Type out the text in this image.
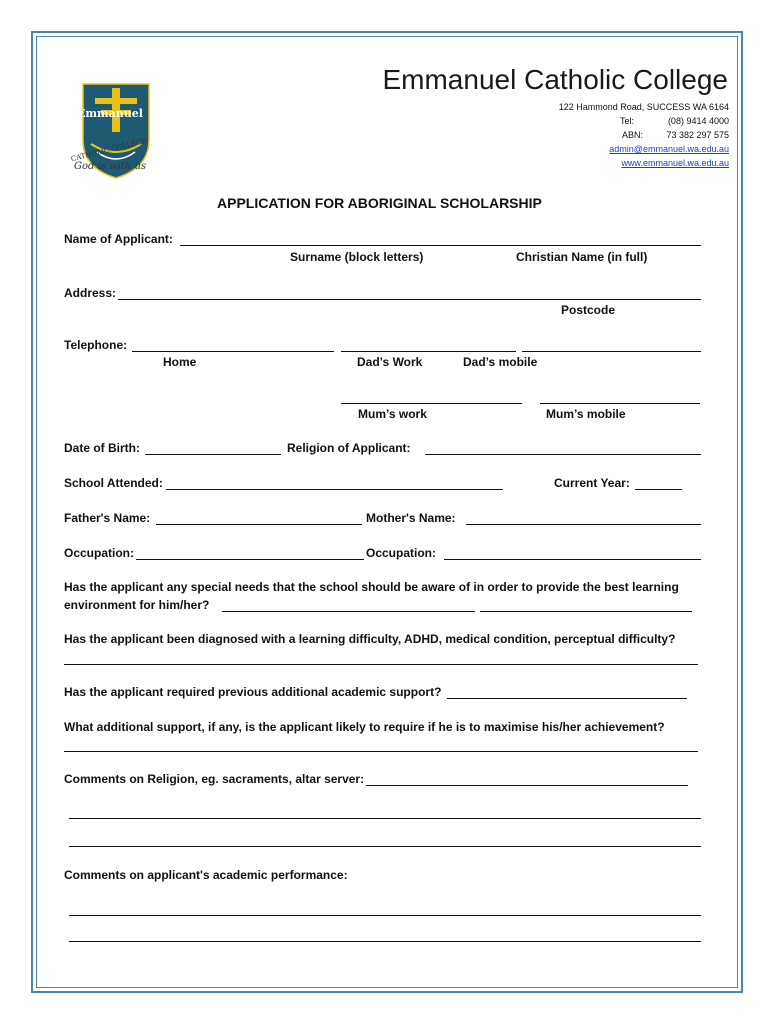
Emmanuel

CATHOLIC COLLEGE

God is with us

Emmanuel Catholic College
122 Hammond Road, SUCCESS WA 6164
Tel:	(08) 9414 4000
ABN:	73 382 297 575
admin@emmanuel.wa.edu.au
www.emmanuel.wa.edu.au
APPLICATION FOR ABORIGINAL SCHOLARSHIP
Name of Applicant:
Surname (block letters)	Christian Name (in full)
Address:
Postcode
Telephone:
Home	Dad’s Work	Dad’s mobile
Mum’s work	Mum’s mobile
Date of Birth:	Religion of Applicant:
School Attended:	Current Year:
Father's Name:	Mother's Name:
Occupation:	Occupation:
Has the applicant any special needs that the school should be aware of in order to provide the best learning
environment for him/her?
Has the applicant been diagnosed with a learning difficulty, ADHD, medical condition, perceptual difficulty?
Has the applicant required previous additional academic support?
What additional support, if any, is the applicant likely to require if he is to maximise his/her achievement?
Comments on Religion, eg. sacraments, altar server:
Comments on applicant's academic performance:
